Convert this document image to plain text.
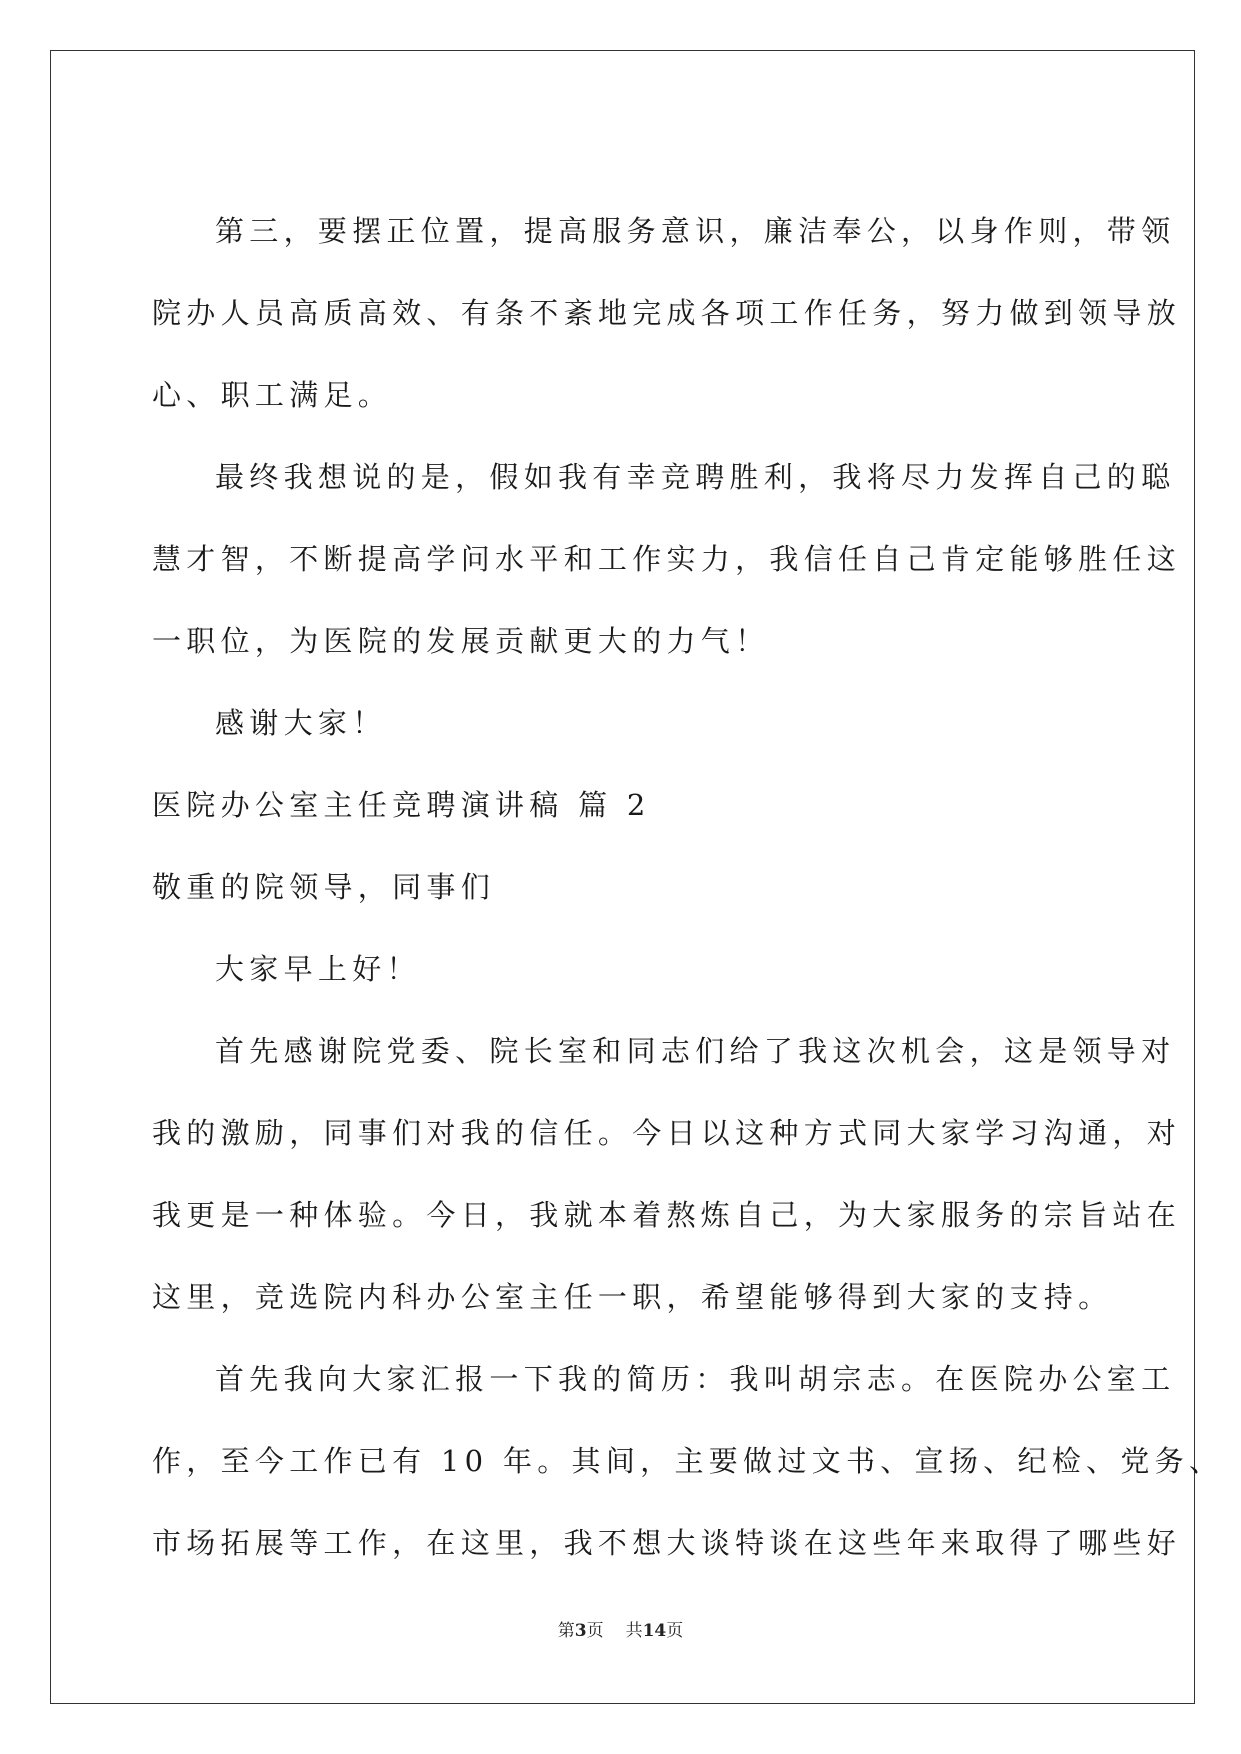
第三，要摆正位置，提高服务意识，廉洁奉公，以身作则，带领

院办人员高质高效、有条不紊地完成各项工作任务，努力做到领导放

心、职工满足。

最终我想说的是，假如我有幸竞聘胜利，我将尽力发挥自己的聪

慧才智，不断提高学问水平和工作实力，我信任自己肯定能够胜任这

一职位，为医院的发展贡献更大的力气！

感谢大家！

医院办公室主任竞聘演讲稿 篇 2

敬重的院领导，同事们

大家早上好！

首先感谢院党委、院长室和同志们给了我这次机会，这是领导对

我的激励，同事们对我的信任。今日以这种方式同大家学习沟通，对

我更是一种体验。今日，我就本着熬炼自己，为大家服务的宗旨站在

这里，竞选院内科办公室主任一职，希望能够得到大家的支持。

首先我向大家汇报一下我的简历：我叫胡宗志。在医院办公室工

作，至今工作已有 10 年。其间，主要做过文书、宣扬、纪检、党务、

市场拓展等工作，在这里，我不想大谈特谈在这些年来取得了哪些好

第3页 共14页
